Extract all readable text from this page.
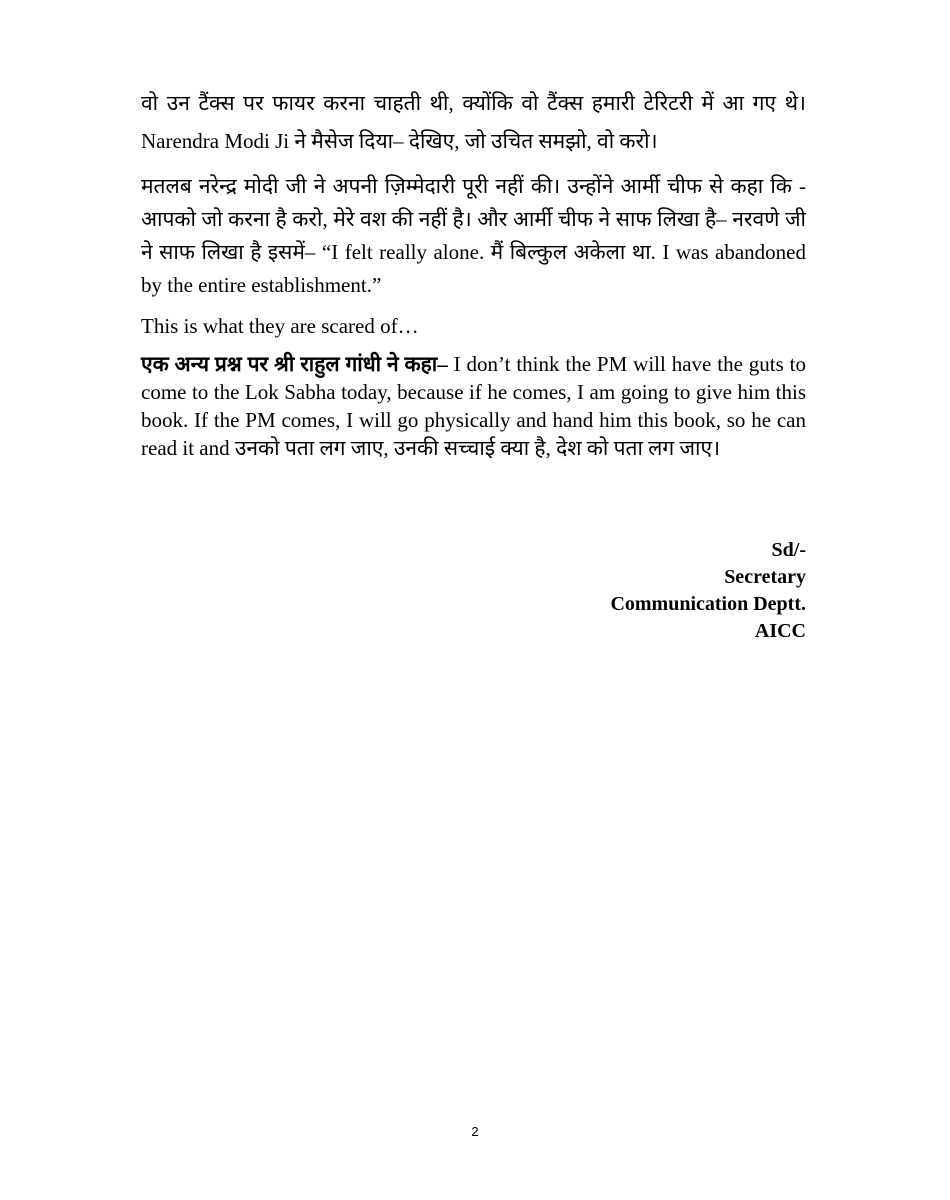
वो उन टैंक्स पर फायर करना चाहती थी, क्योंकि वो टैंक्स हमारी टेरिटरी में आ गए थे। Narendra Modi Ji ने मैसेज दिया– देखिए, जो उचित समझो, वो करो।

मतलब नरेन्द्र मोदी जी ने अपनी ज़िम्मेदारी पूरी नहीं की। उन्होंने आर्मी चीफ से कहा कि - आपको जो करना है करो, मेरे वश की नहीं है। और आर्मी चीफ ने साफ लिखा है– नरवणे जी ने साफ लिखा है इसमें– “I felt really alone. मैं बिल्कुल अकेला था. I was abandoned by the entire establishment.”

This is what they are scared of…

एक अन्य प्रश्न पर श्री राहुल गांधी ने कहा– I don’t think the PM will have the guts to come to the Lok Sabha today, because if he comes, I am going to give him this book. If the PM comes, I will go physically and hand him this book, so he can read it and उनको पता लग जाए, उनकी सच्चाई क्या है, देश को पता लग जाए।

Sd/-
Secretary
Communication Deptt.
AICC
2
